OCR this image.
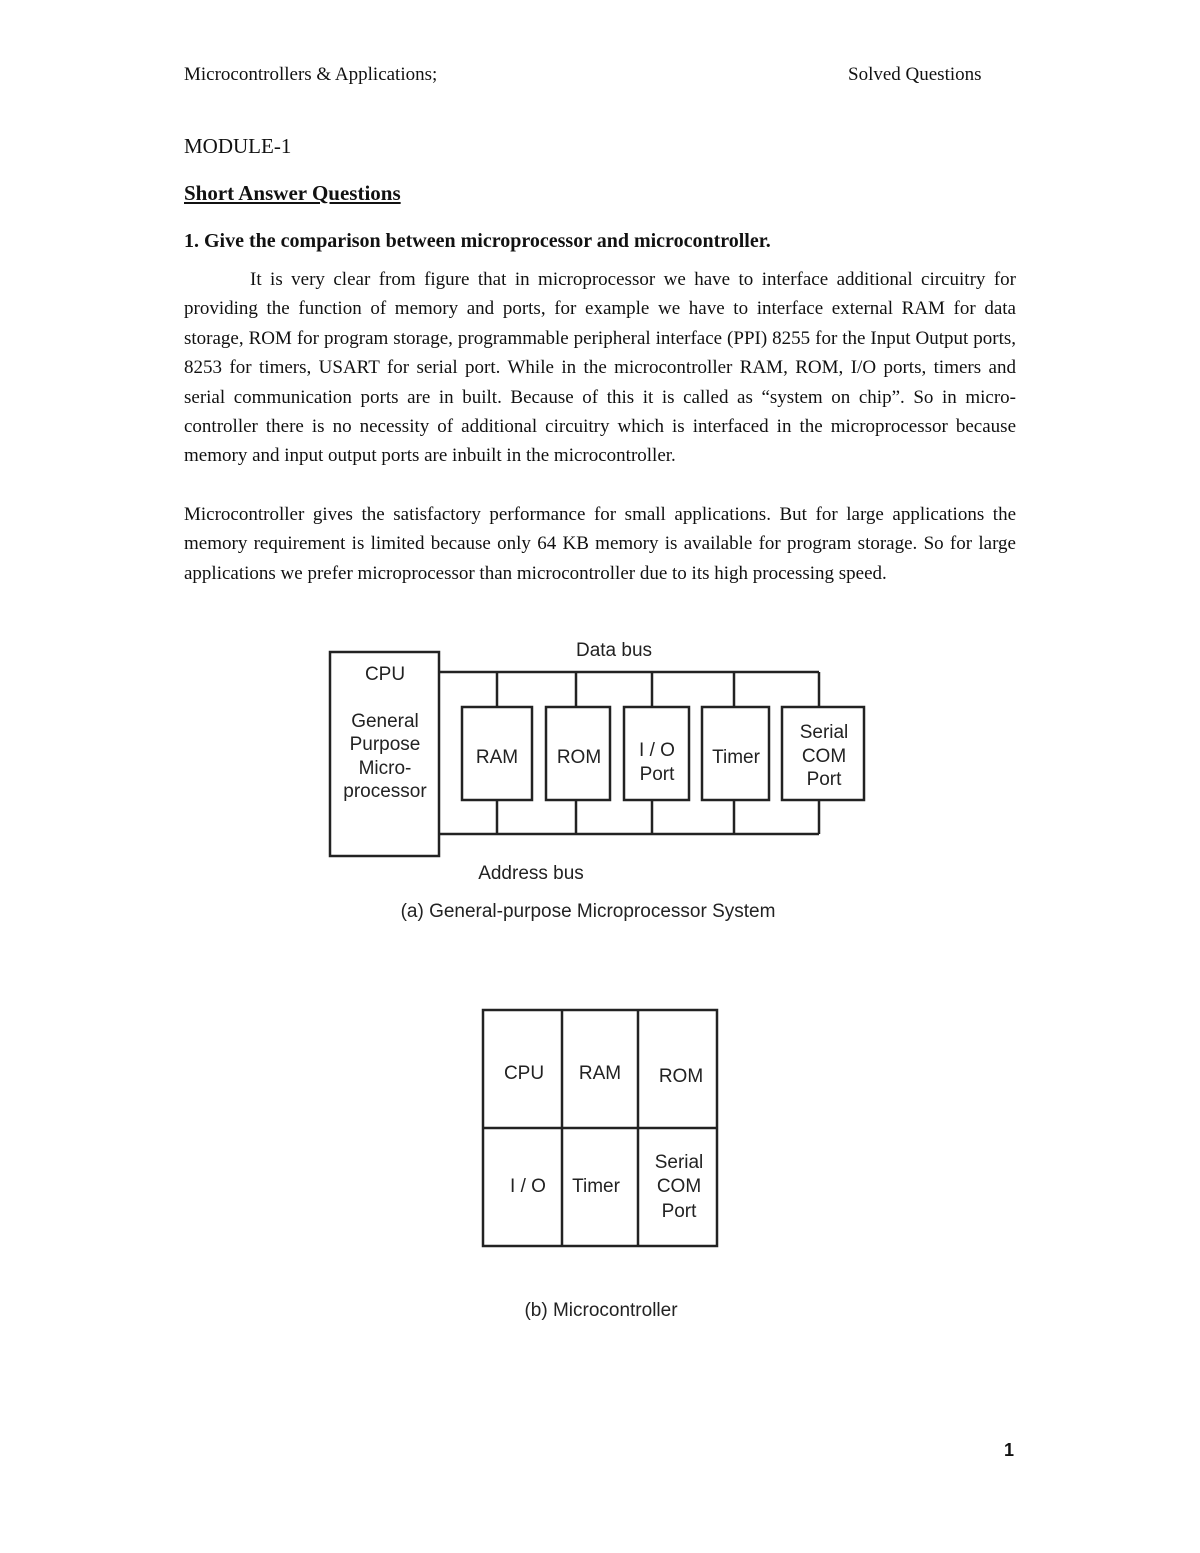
Microcontrollers & Applications;	Solved Questions
MODULE-1
Short Answer Questions
1. Give the comparison between microprocessor and microcontroller.

It is very clear from figure that in microprocessor we have to interface additional circuitry for providing the function of memory and ports, for example we have to interface external RAM for data storage, ROM for program storage, programmable peripheral interface (PPI) 8255 for the Input Output ports, 8253 for timers, USART for serial port. While in the microcontroller RAM, ROM, I/O ports, timers and serial communication ports are in built. Because of this it is called as “system on chip”. So in micro-controller there is no necessity of additional circuitry which is interfaced in the microprocessor because memory and input output ports are inbuilt in the microcontroller.

Microcontroller gives the satisfactory performance for small applications. But for large applications the memory requirement is limited because only 64 KB memory is available for program storage. So for large applications we prefer microprocessor than microcontroller due to its high processing speed.

CPU
General
Purpose
Micro-
processor
Data bus
Address bus
RAM ROM I / O
Port
Timer
Serial
COM
Port
(a) General-purpose Microprocessor System
CPU RAM ROM
I / O Timer
Serial
COM
Port
(b) Microcontroller
1
